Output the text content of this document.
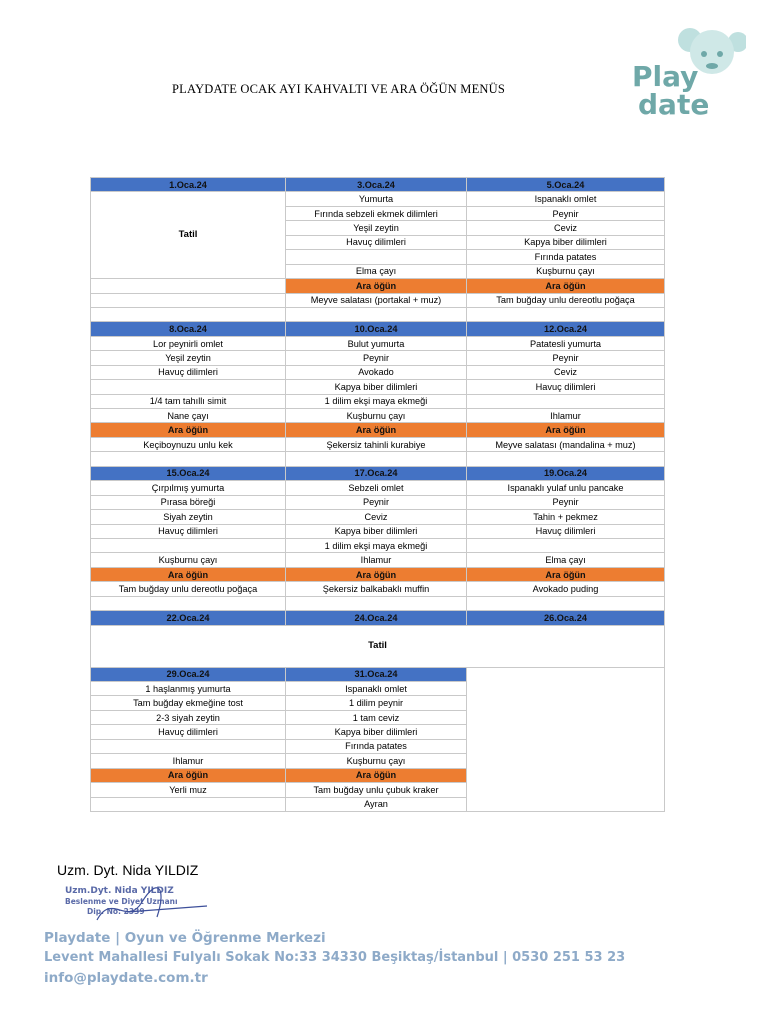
PLAYDATE OCAK AYI KAHVALTI VE ARA ÖĞÜN MENÜS	Play
date
1.Oca.24	3.Oca.24	5.Oca.24
Tatil	Yumurta	Ispanaklı omlet
	Fırında sebzeli ekmek dilimleri	Peynir
	Yeşil zeytin	Ceviz
	Havuç dilimleri	Kapya biber dilimleri
		Fırında patates
	Elma çayı	Kuşburnu çayı
	Ara öğün	Ara öğün
	Meyve salatası (portakal + muz)	Tam buğday unlu dereotlu poğaça

8.Oca.24	10.Oca.24	12.Oca.24
Lor peynirli omlet	Bulut yumurta	Patatesli yumurta
Yeşil zeytin	Peynir	Peynir
Havuç dilimleri	Avokado	Ceviz
	Kapya biber dilimleri	Havuç dilimleri
1/4 tam tahıllı simit	1 dilim ekşi maya ekmeği	
Nane çayı	Kuşburnu çayı	Ihlamur
Ara öğün	Ara öğün	Ara öğün
Keçiboynuzu unlu kek	Şekersiz tahinli kurabiye	Meyve salatası (mandalina + muz)

15.Oca.24	17.Oca.24	19.Oca.24
Çırpılmış yumurta	Sebzeli omlet	Ispanaklı yulaf unlu pancake
Pırasa böreği	Peynir	Peynir
Siyah zeytin	Ceviz	Tahin + pekmez
Havuç dilimleri	Kapya biber dilimleri	Havuç dilimleri
	1 dilim ekşi maya ekmeği	
Kuşburnu çayı	Ihlamur	Elma çayı
Ara öğün	Ara öğün	Ara öğün
Tam buğday unlu dereotlu poğaça	Şekersiz balkabaklı muffin	Avokado puding

22.Oca.24	24.Oca.24	26.Oca.24
Tatil		
29.Oca.24	31.Oca.24	
1 haşlanmış yumurta	Ispanaklı omlet	
Tam buğday ekmeğine tost	1 dilim peynir	
2-3 siyah zeytin	1 tam ceviz	
Havuç dilimleri	Kapya biber dilimleri	
	Fırında patates	
Ihlamur	Kuşburnu çayı	
Ara öğün	Ara öğün	
Yerli muz	Tam buğday unlu çubuk kraker	
	Ayran	
Uzm. Dyt. Nida YILDIZ
Uzm.Dyt. Nida YILDIZ
Beslenme ve Diyet Uzmanı
Dip. No: 2339
Playdate | Oyun ve Öğrenme Merkezi
Levent Mahallesi Fulyalı Sokak No:33 34330 Beşiktaş/İstanbul | 0530 251 53 23
info@playdate.com.tr
